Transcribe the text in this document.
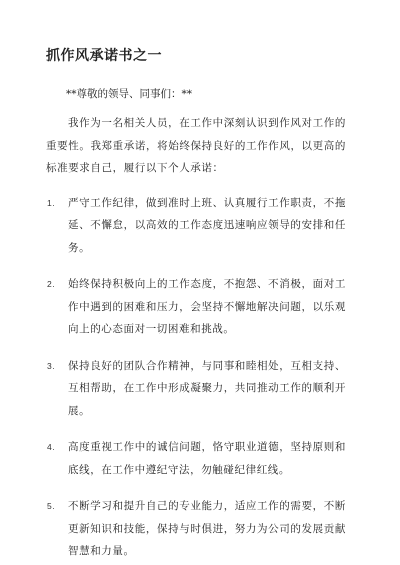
抓作风承诺书之一

**尊敬的领导、同事们：**

我作为一名相关人员，在工作中深刻认识到作风对工作的重要性。我郑重承诺，将始终保持良好的工作作风，以更高的标准要求自己，履行以下个人承诺：

1. 严守工作纪律，做到准时上班、认真履行工作职责，不拖延、不懈怠，以高效的工作态度迅速响应领导的安排和任务。
2. 始终保持积极向上的工作态度，不抱怨、不消极，面对工作中遇到的困难和压力，会坚持不懈地解决问题，以乐观向上的心态面对一切困难和挑战。
3. 保持良好的团队合作精神，与同事和睦相处，互相支持、互相帮助，在工作中形成凝聚力，共同推动工作的顺利开展。
4. 高度重视工作中的诚信问题，恪守职业道德，坚持原则和底线，在工作中遵纪守法，勿触碰纪律红线。
5. 不断学习和提升自己的专业能力，适应工作的需要，不断更新知识和技能，保持与时俱进，努力为公司的发展贡献智慧和力量。
